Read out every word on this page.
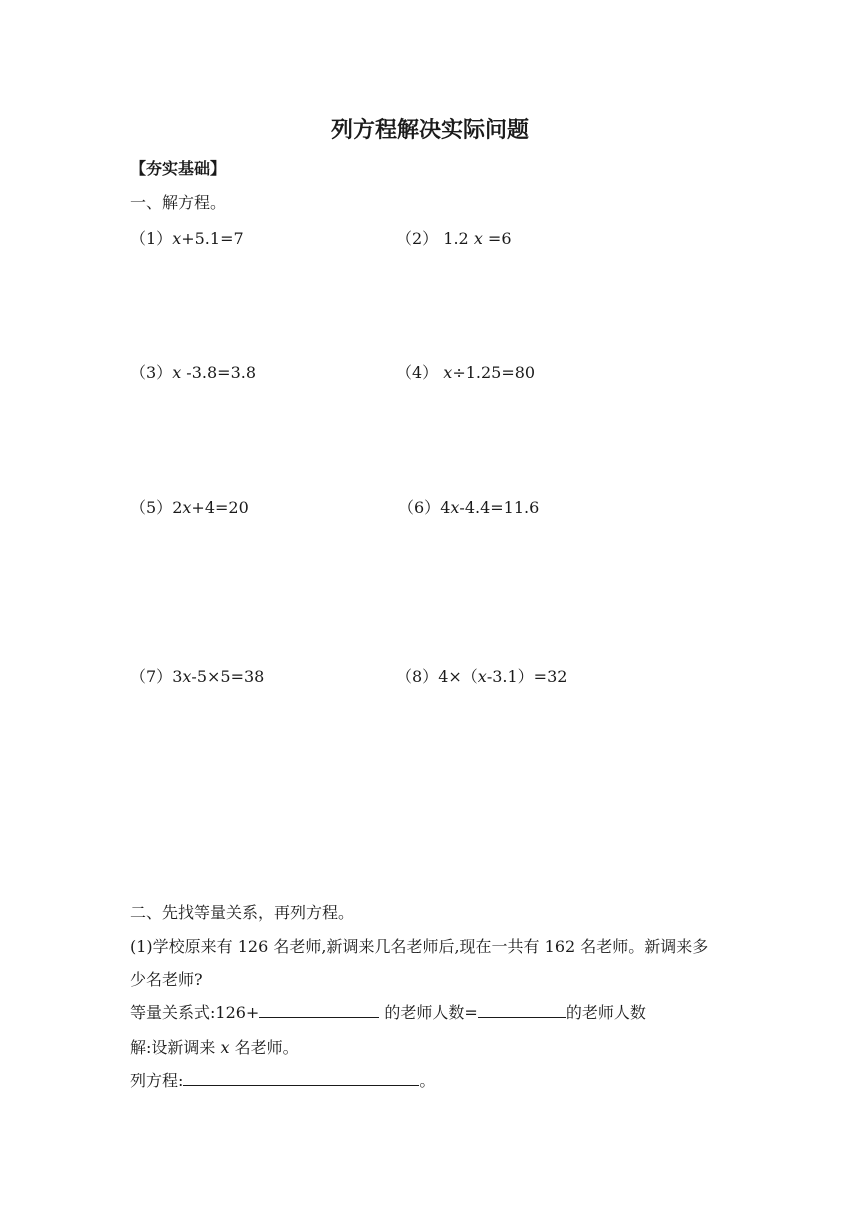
列方程解决实际问题
【夯实基础】
一、解方程。
（1）x+5.1=7	（2） 1.2 x =6
（3）x -3.8=3.8	（4） x÷1.25=80
（5）2x+4=20	（6）4x-4.4=11.6
（7）3x-5×5=38	（8）4×（x-3.1）=32
二、先找等量关系，再列方程。
(1)学校原来有 126 名老师,新调来几名老师后,现在一共有 162 名老师。新调来多
少名老师?
等量关系式:126+	的老师人数=	的老师人数
解:设新调来 x 名老师。
列方程:	。
